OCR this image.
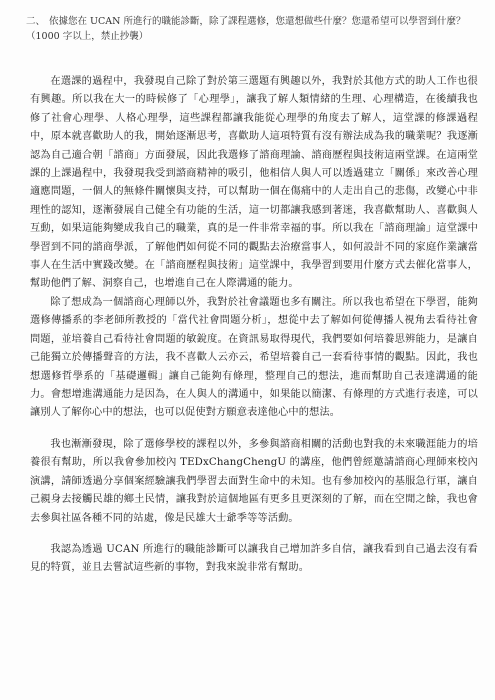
二、 依據您在 UCAN 所進行的職能診斷，除了課程選修，您還想做些什麼？您還希望可以學習到什麼？（1000 字以上，禁止抄襲）

在選課的過程中，我發現自己除了對於第三選題有興趣以外，我對於其他方式的助人工作也很有興趣。所以我在大一的時候修了「心理學」，讓我了解人類情緒的生理、心理構造，在後續我也修了社會心理學、人格心理學，這些課程都讓我能從心理學的角度去了解人，這堂課的修課過程中，原本就喜歡助人的我，開始逐漸思考，喜歡助人這項特質有沒有辦法成為我的職業呢？我逐漸認為自己適合朝「諮商」方面發展，因此我選修了諮商理論、諮商歷程與技術這兩堂課。在這兩堂課的上課過程中，我發現我受到諮商精神的吸引，他相信人與人可以透過建立「關係」來改善心理適應問題，一個人的無條件關懷與支持，可以幫助一個在傷痛中的人走出自己的悲傷，改變心中非理性的認知，逐漸發展自己健全有功能的生活，這一切都讓我感到著迷，我喜歡幫助人、喜歡與人互動，如果這能夠變成我自己的職業，真的是一件非常幸福的事。所以我在「諮商理論」這堂課中學習到不同的諮商學派，了解他們如何從不同的觀點去治療當事人，如何設計不同的家庭作業讓當事人在生活中實踐改變。在「諮商歷程與技術」這堂課中，我學習到要用什麼方式去催化當事人，幫助他們了解、洞察自己，也增進自己在人際溝通的能力。

除了想成為一個諮商心理師以外，我對於社會議題也多有關注。所以我也希望在下學習，能夠選修傳播系的李老師所教授的「當代社會問題分析」，想從中去了解如何從傳播人視角去看待社會問題，並培養自己看待社會問題的敏銳度。在資訊易取得現代，我們要如何培養思辨能力，是讓自己能獨立於傳播聲音的方法，我不喜歡人云亦云，希望培養自己一套看待事情的觀點。因此，我也想選修哲學系的「基礎邏輯」讓自己能夠有條理，整理自己的想法，進而幫助自己表達溝通的能力。會想增進溝通能力是因為，在人與人的溝通中，如果能以簡潔、有條理的方式進行表達，可以讓別人了解你心中的想法，也可以促使對方願意表達他心中的想法。

我也漸漸發現，除了選修學校的課程以外，多參與諮商相關的活動也對我的未來職涯能力的培養很有幫助，所以我會參加校內 TEDxChangChengU 的講座，他們曾經邀請諮商心理師來校內演講，請師透過分享個案經驗讓我們學習去面對生命中的未知。也有參加校內的基服急行軍，讓自己親身去接觸民雄的鄉土民情，讓我對於這個地區有更多且更深刻的了解，而在空閒之餘，我也會去參與社區各種不同的站處，像是民雄大士爺季等等活動。

我認為透過 UCAN 所進行的職能診斷可以讓我自己增加許多自信，讓我看到自己過去沒有看見的特質，並且去嘗試這些新的事物，對我來說非常有幫助。
